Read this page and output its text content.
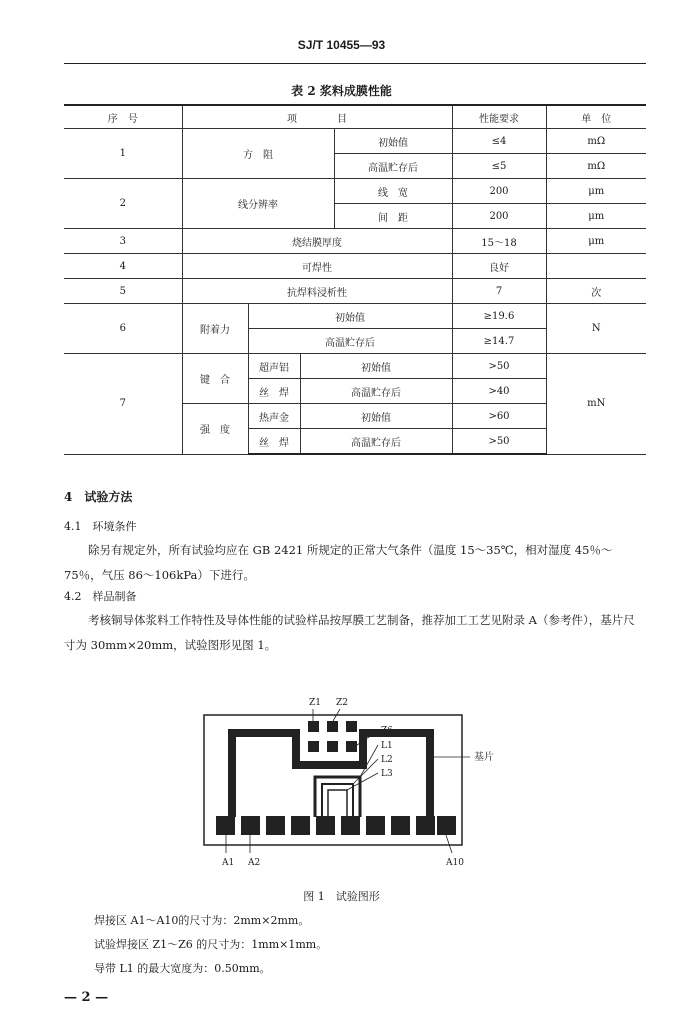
SJ/T 10455—93
表 2 浆料成膜性能
序　号	项　　　　目				性能要求	单　位
1	方　阻			初始值	≤4	mΩ
				高温贮存后	≤5	mΩ
2	线分辨率			线　宽	200	μm
				间　距	200	μm
3	烧结膜厚度				15～18	μm
4	可焊性				良好	
5	抗焊料浸析性				7	次
6	附着力	初始值			≥19.6	N
		高温贮存后			≥14.7	
7	键　合	超声铝	初始值		>50	mN
		丝　焊	高温贮存后		>40	
	强　度	热声金	初始值		>60	
		丝　焊	高温贮存后		>50	
4　试验方法
4.1　环境条件
除另有规定外，所有试验均应在 GB 2421 所规定的正常大气条件（温度 15～35℃，相对湿度 45％～75％，气压 86～106kPa）下进行。
4.2　样品制备
考核铜导体浆料工作特性及导体性能的试验样品按厚膜工艺制备，推荐加工工艺见附录 A（参考件），基片尺寸为 30mm×20mm，试验图形见图 1。
Z1 Z2
Z6
L1
L2
L3
A1 A2	A10
基片
图 1　试验图形
焊接区 A1～A10的尺寸为：2mm×2mm。
试验焊接区 Z1～Z6 的尺寸为：1mm×1mm。
导带 L1 的最大宽度为：0.50mm。
— 2 —
